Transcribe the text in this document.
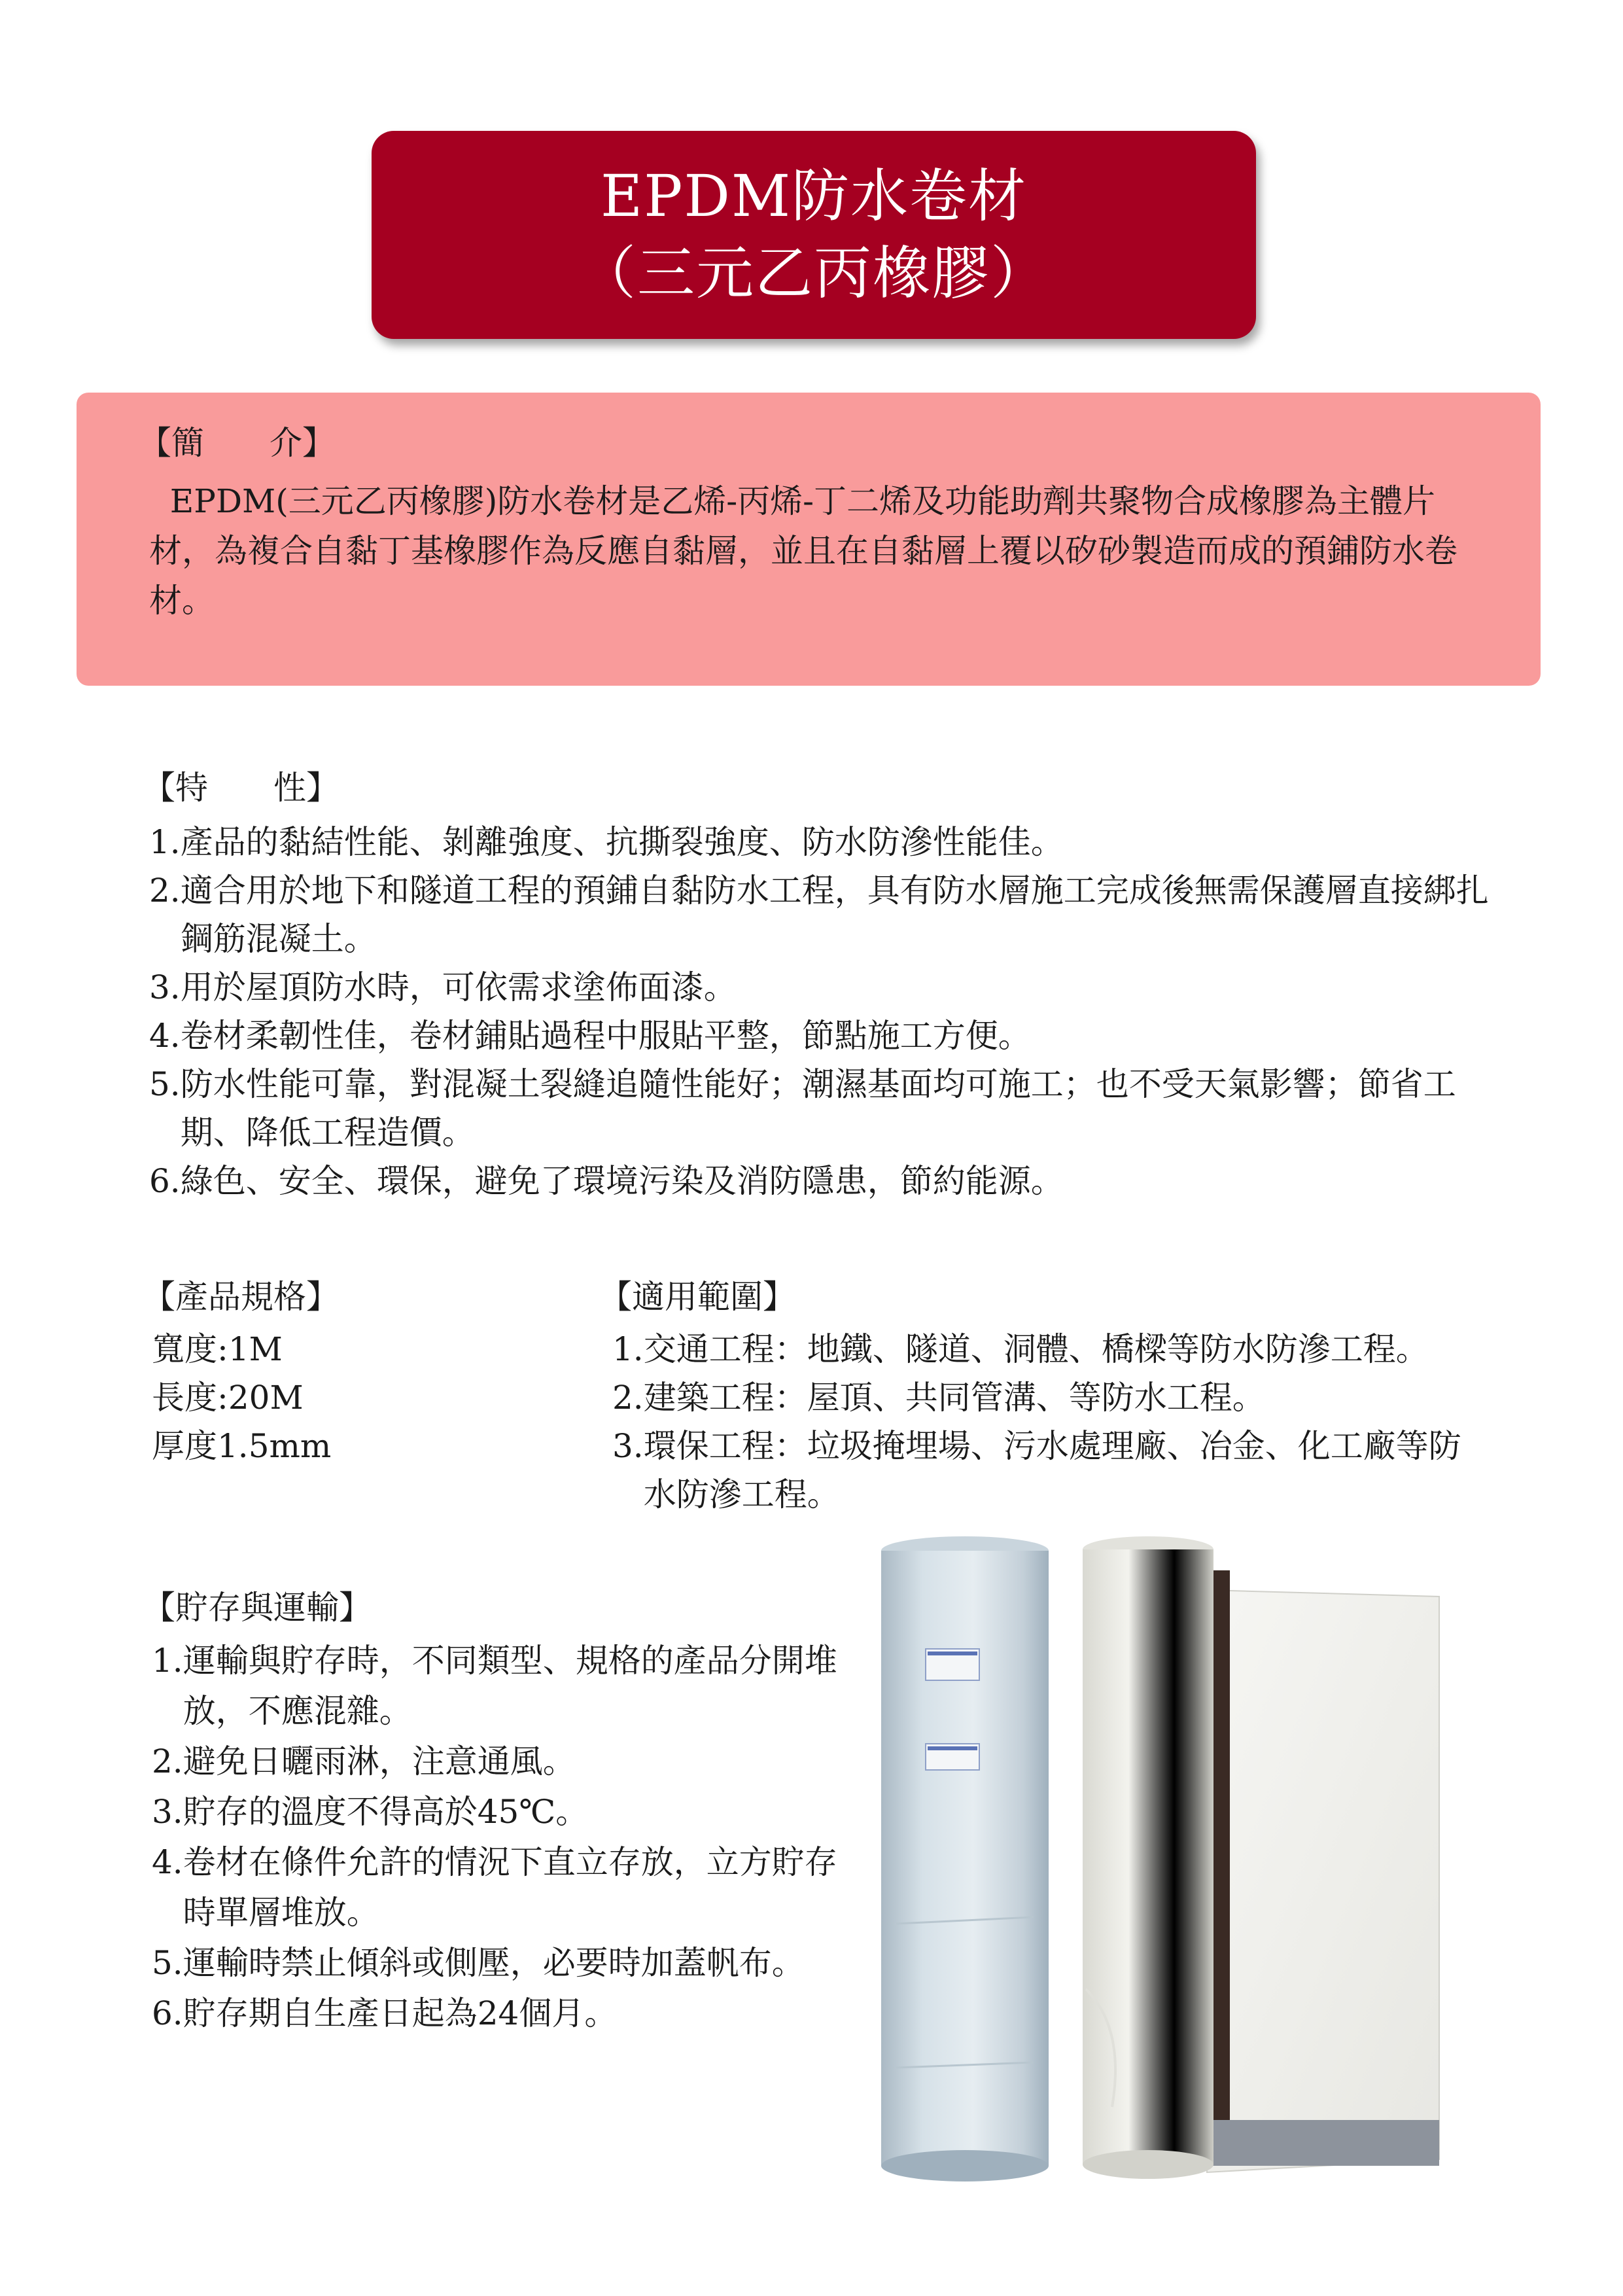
EPDM防水卷材
（三元乙丙橡膠）
【簡　　介】
EPDM(三元乙丙橡膠)防水卷材是乙烯-丙烯-丁二烯及功能助劑共聚物合成橡膠為主體片材，為複合自黏丁基橡膠作為反應自黏層，並且在自黏層上覆以矽砂製造而成的預鋪防水卷材。
【特　　性】
1. 產品的黏結性能、剝離強度、抗撕裂強度、防水防滲性能佳。
2. 適合用於地下和隧道工程的預鋪自黏防水工程，具有防水層施工完成後無需保護層直接綁扎鋼筋混凝土。
3. 用於屋頂防水時，可依需求塗佈面漆。
4. 卷材柔韌性佳，卷材鋪貼過程中服貼平整，節點施工方便。
5. 防水性能可靠，對混凝土裂縫追隨性能好；潮濕基面均可施工；也不受天氣影響；節省工期、降低工程造價。
6. 綠色、安全、環保，避免了環境污染及消防隱患，節約能源。
【產品規格】
寬度:1M
長度:20M
厚度1.5mm
【適用範圍】
1. 交通工程：地鐵、隧道、洞體、橋樑等防水防滲工程。
2. 建築工程：屋頂、共同管溝、等防水工程。
3. 環保工程：垃圾掩埋場、污水處理廠、冶金、化工廠等防水防滲工程。
【貯存與運輸】
1. 運輸與貯存時，不同類型、規格的產品分開堆放，不應混雜。
2. 避免日曬雨淋，注意通風。
3. 貯存的溫度不得高於45℃。
4. 卷材在條件允許的情況下直立存放，立方貯存時單層堆放。
5. 運輸時禁止傾斜或側壓，必要時加蓋帆布。
6. 貯存期自生產日起為24個月。
